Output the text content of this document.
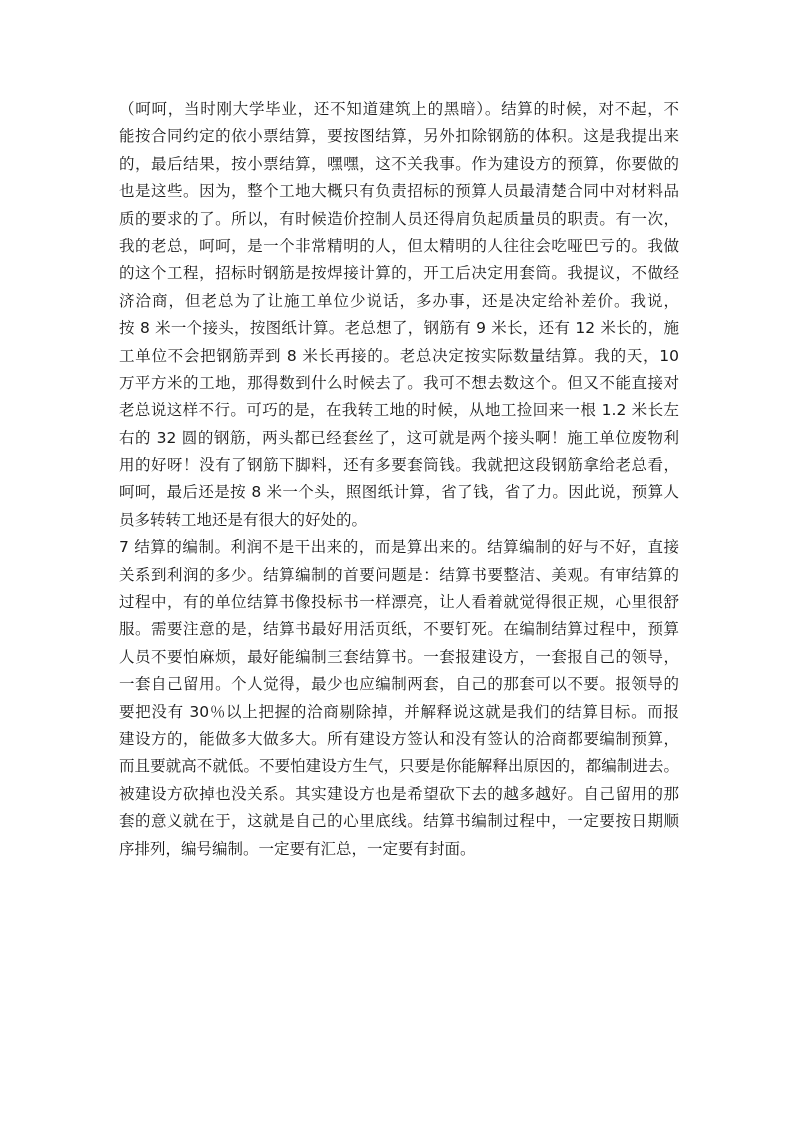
（呵呵，当时刚大学毕业，还不知道建筑上的黑暗）。结算的时候，对不起，不
能按合同约定的依小票结算，要按图结算，另外扣除钢筋的体积。这是我提出来
的，最后结果，按小票结算，嘿嘿，这不关我事。作为建设方的预算，你要做的
也是这些。因为，整个工地大概只有负责招标的预算人员最清楚合同中对材料品
质的要求的了。所以，有时候造价控制人员还得肩负起质量员的职责。有一次，
我的老总，呵呵，是一个非常精明的人，但太精明的人往往会吃哑巴亏的。我做
的这个工程，招标时钢筋是按焊接计算的，开工后决定用套筒。我提议，不做经
济洽商，但老总为了让施工单位少说话，多办事，还是决定给补差价。我说，
按 8 米一个接头，按图纸计算。老总想了，钢筋有 9 米长，还有 12 米长的，施
工单位不会把钢筋弄到 8 米长再接的。老总决定按实际数量结算。我的天，10
万平方米的工地，那得数到什么时候去了。我可不想去数这个。但又不能直接对
老总说这样不行。可巧的是，在我转工地的时候，从地工捡回来一根 1.2 米长左
右的 32 圆的钢筋，两头都已经套丝了，这可就是两个接头啊！施工单位废物利
用的好呀！没有了钢筋下脚料，还有多要套筒钱。我就把这段钢筋拿给老总看，
呵呵，最后还是按 8 米一个头，照图纸计算，省了钱，省了力。因此说，预算人
员多转转工地还是有很大的好处的。
7 结算的编制。利润不是干出来的，而是算出来的。结算编制的好与不好，直接
关系到利润的多少。结算编制的首要问题是：结算书要整洁、美观。有审结算的
过程中，有的单位结算书像投标书一样漂亮，让人看着就觉得很正规，心里很舒
服。需要注意的是，结算书最好用活页纸，不要钉死。在编制结算过程中，预算
人员不要怕麻烦，最好能编制三套结算书。一套报建设方，一套报自己的领导，
一套自己留用。个人觉得，最少也应编制两套，自己的那套可以不要。报领导的
要把没有 30％以上把握的洽商剔除掉，并解释说这就是我们的结算目标。而报
建设方的，能做多大做多大。所有建设方签认和没有签认的洽商都要编制预算，
而且要就高不就低。不要怕建设方生气，只要是你能解释出原因的，都编制进去。
被建设方砍掉也没关系。其实建设方也是希望砍下去的越多越好。自己留用的那
套的意义就在于，这就是自己的心里底线。结算书编制过程中，一定要按日期顺
序排列，编号编制。一定要有汇总，一定要有封面。
